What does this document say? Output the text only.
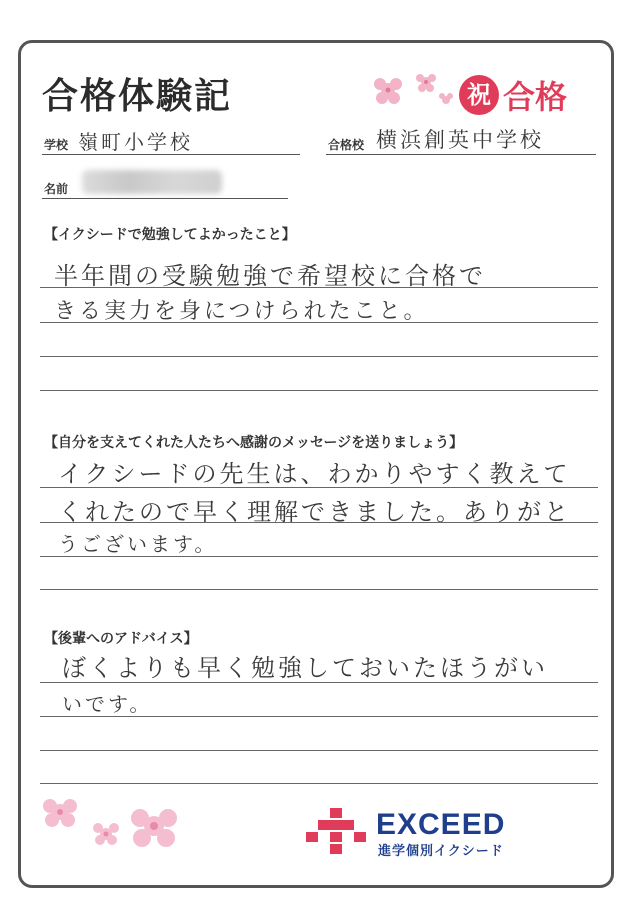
合格体験記	祝 合格
学校 嶺町小学校	合格校 横浜創英中学校
名前
【イクシードで勉強してよかったこと】
半年間の受験勉強で希望校に合格で
きる実力を身につけられたこと。
【自分を支えてくれた人たちへ感謝のメッセージを送りましょう】
イクシードの先生は、わかりやすく教えて
くれたので早く理解できました。ありがと
うございます。
【後輩へのアドバイス】
ぼくよりも早く勉強しておいたほうがい
いです。
EXCEED
進学個別イクシード
